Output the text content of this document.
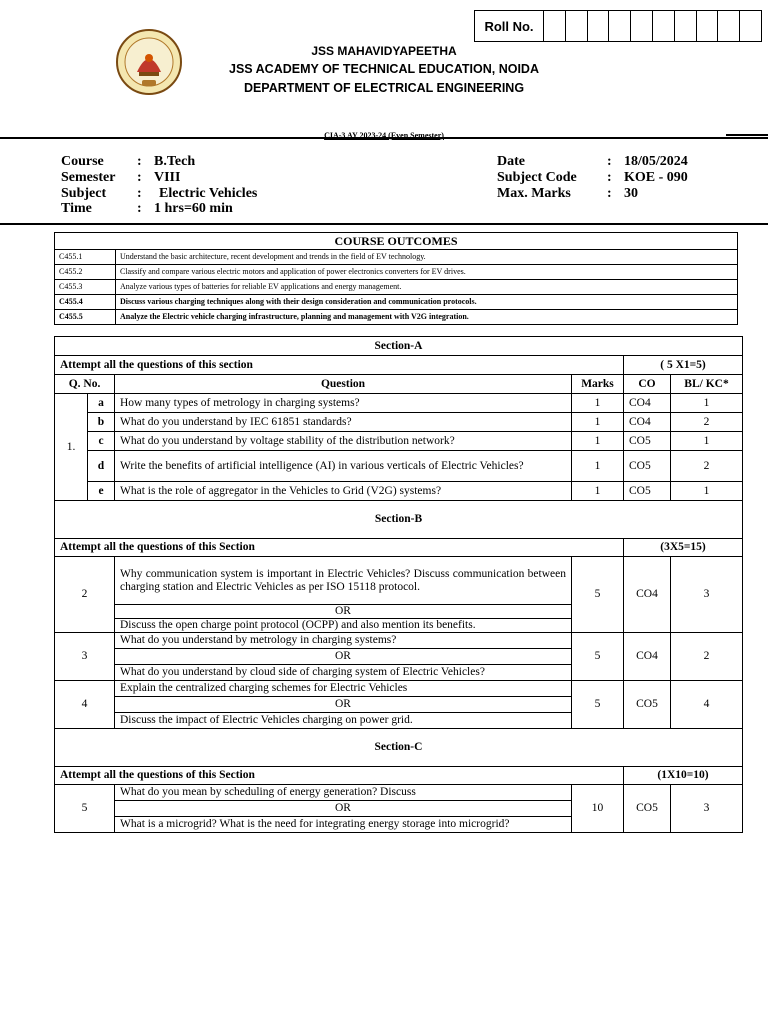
Roll No.
JSS MAHAVIDYAPEETHA
JSS ACADEMY OF TECHNICAL EDUCATION, NOIDA
DEPARTMENT OF ELECTRICAL ENGINEERING
CIA-3 AY 2023-24 (Even Semester)
Course : B.Tech
Semester : VIII
Subject : Electric Vehicles
Time	: 1 hrs=60 min
Date	: 18/05/2024
Subject Code : KOE - 090
Max. Marks	: 30
COURSE OUTCOMES	
C455.1	Understand the basic architecture, recent development and trends in the field of EV technology.
C455.2	Classify and compare various electric motors and application of power electronics converters for EV drives.
C455.3	Analyze various types of batteries for reliable EV applications and energy management.
C455.4	Discuss various charging techniques along with their design consideration and communication protocols.
C455.5	Analyze the Electric vehicle charging infrastructure, planning and management with V2G integration.
Section-A					
Attempt all the questions of this section				( 5 X1=5)	
Q. No.		Question	Marks	CO	BL/ KC*
1.	a	How many types of metrology in charging systems?	1	CO4	1
	b	What do you understand by IEC 61851 standards?	1	CO4	2
	c	What do you understand by voltage stability of the distribution network?	1	CO5	1
	d	Write the benefits of artificial intelligence (AI) in various verticals of Electric Vehicles?	1	CO5	2
	e	What is the role of aggregator in the Vehicles to Grid (V2G) systems?	1	CO5	1
Section-B					
Attempt all the questions of this Section				(3X5=15)	
2		Why communication system is important in Electric Vehicles? Discuss communication between charging station and Electric Vehicles as per ISO 15118 protocol.	5	CO4	3
		OR			
		Discuss the open charge point protocol (OCPP) and also mention its benefits.			
3		What do you understand by metrology in charging systems?	5	CO4	2
		OR			
		What do you understand by cloud side of charging system of Electric Vehicles?			
4		Explain the centralized charging schemes for Electric Vehicles	5	CO5	4
		OR			
		Discuss the impact of Electric Vehicles charging on power grid.			
Section-C					
Attempt all the questions of this Section				(1X10=10)	
5		What do you mean by scheduling of energy generation? Discuss	10	CO5	3
		OR			
		What is a microgrid? What is the need for integrating energy storage into microgrid?			
